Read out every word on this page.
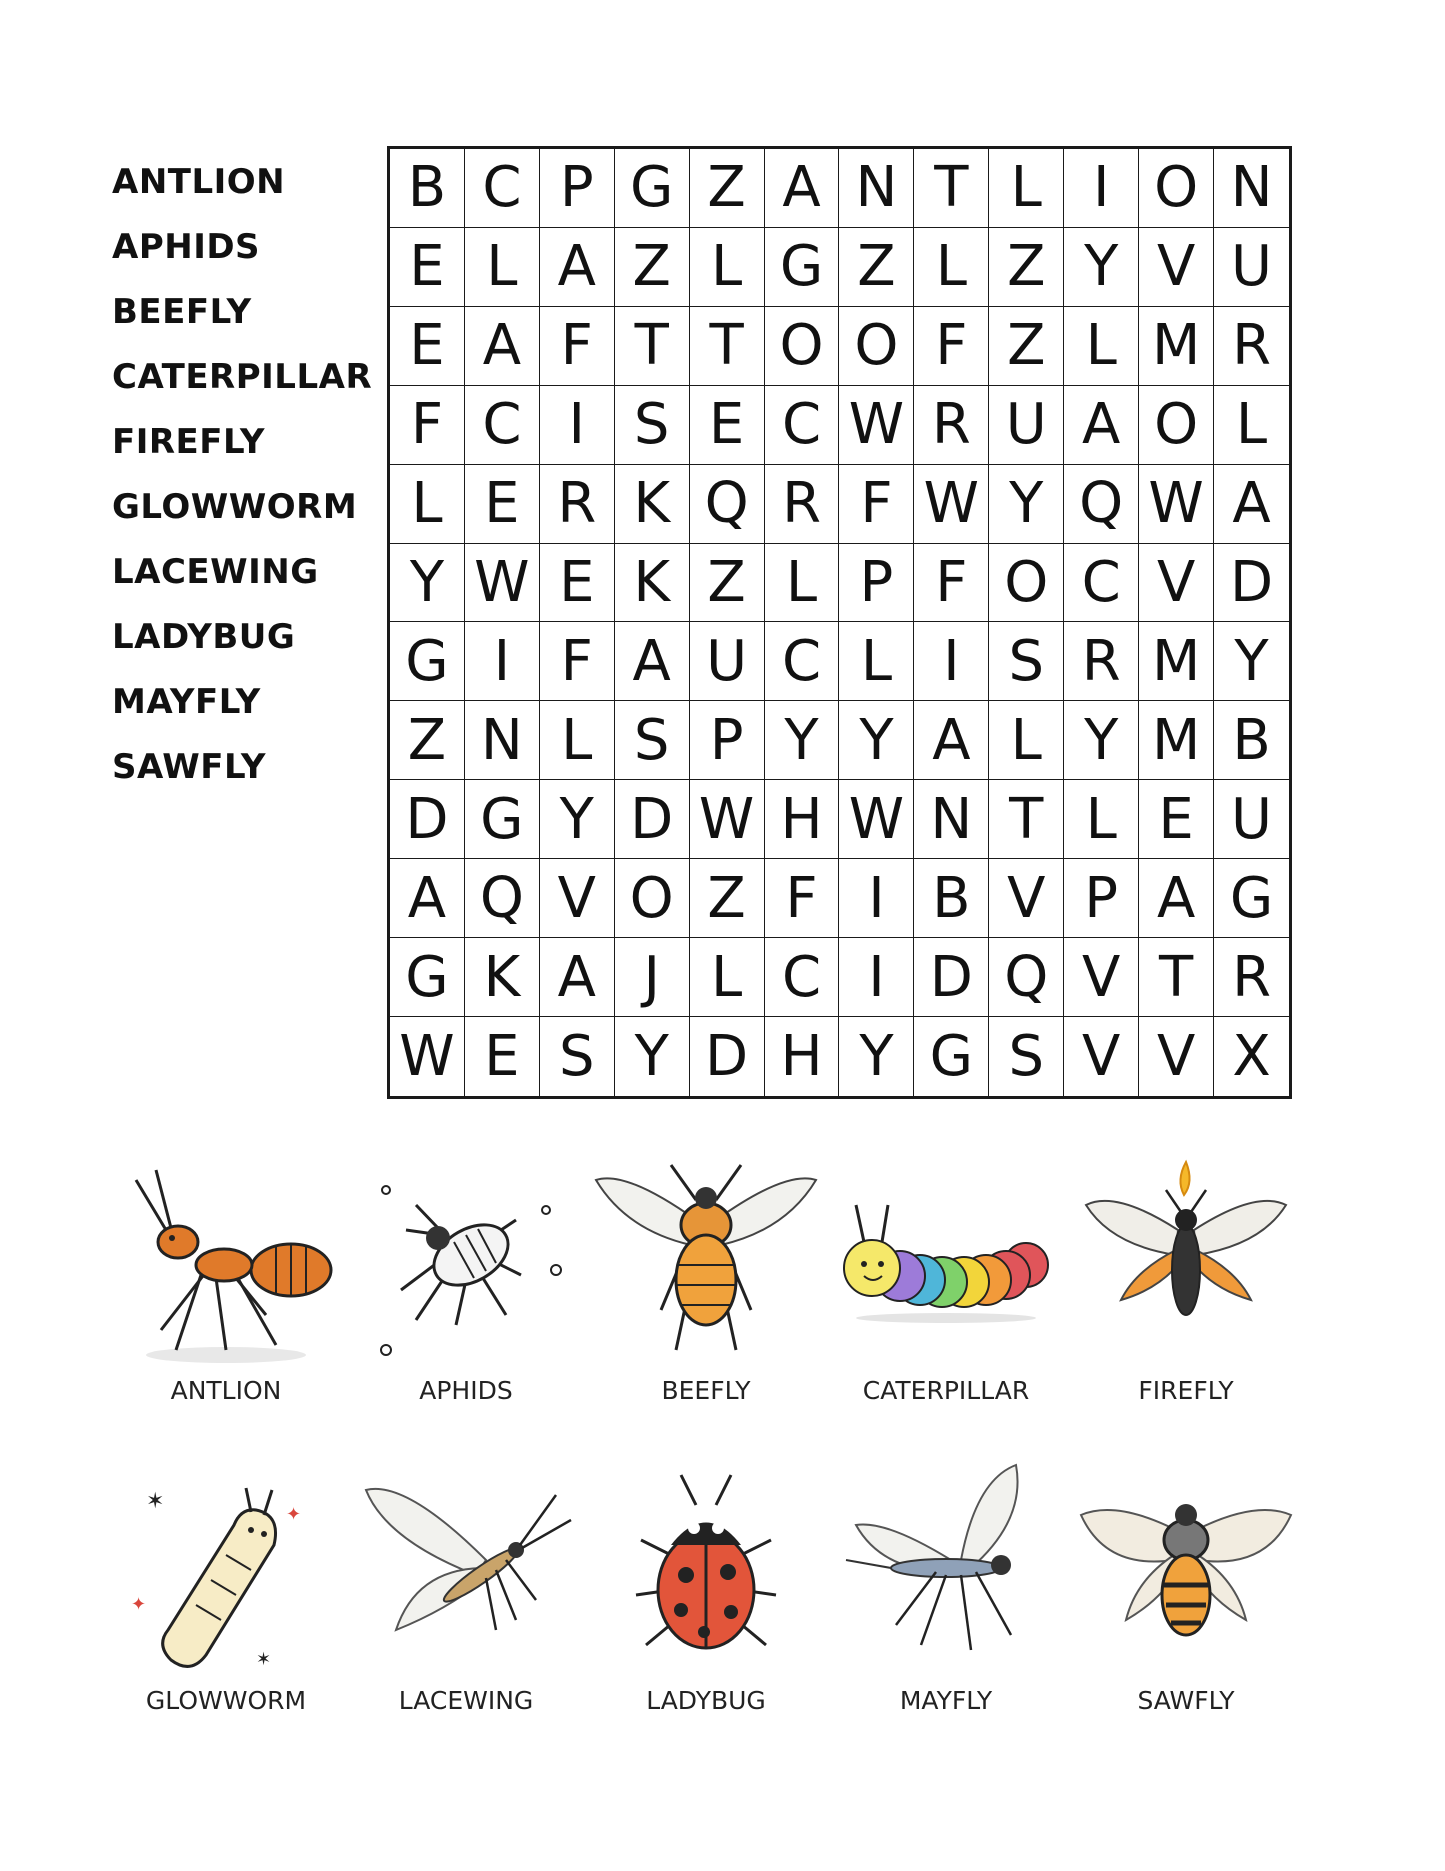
ANTLION
APHIDS
BEEFLY
CATERPILLAR
FIREFLY
GLOWWORM
LACEWING
LADYBUG
MAYFLY
SAWFLY
B C P G Z A N T L I O N
E L A Z L G Z L Z Y V U
E A F T T O O F Z L M R
F C I S E C W R U A O L
L E R K Q R F W Y Q W A
Y W E K Z L P F O C V D
G I F A U C L I S R M Y
Z N L S P Y Y A L Y M B
D G Y D W H W N T L E U
A Q V O Z F I B V P A G
G K A J L C I D Q V T R
W E S Y D H Y G S V V X
ANTLION	APHIDS	BEEFLY	CATERPILLAR	FIREFLY
✶
✦
✦
✶
GLOWWORM	LACEWING	LADYBUG	MAYFLY	SAWFLY
